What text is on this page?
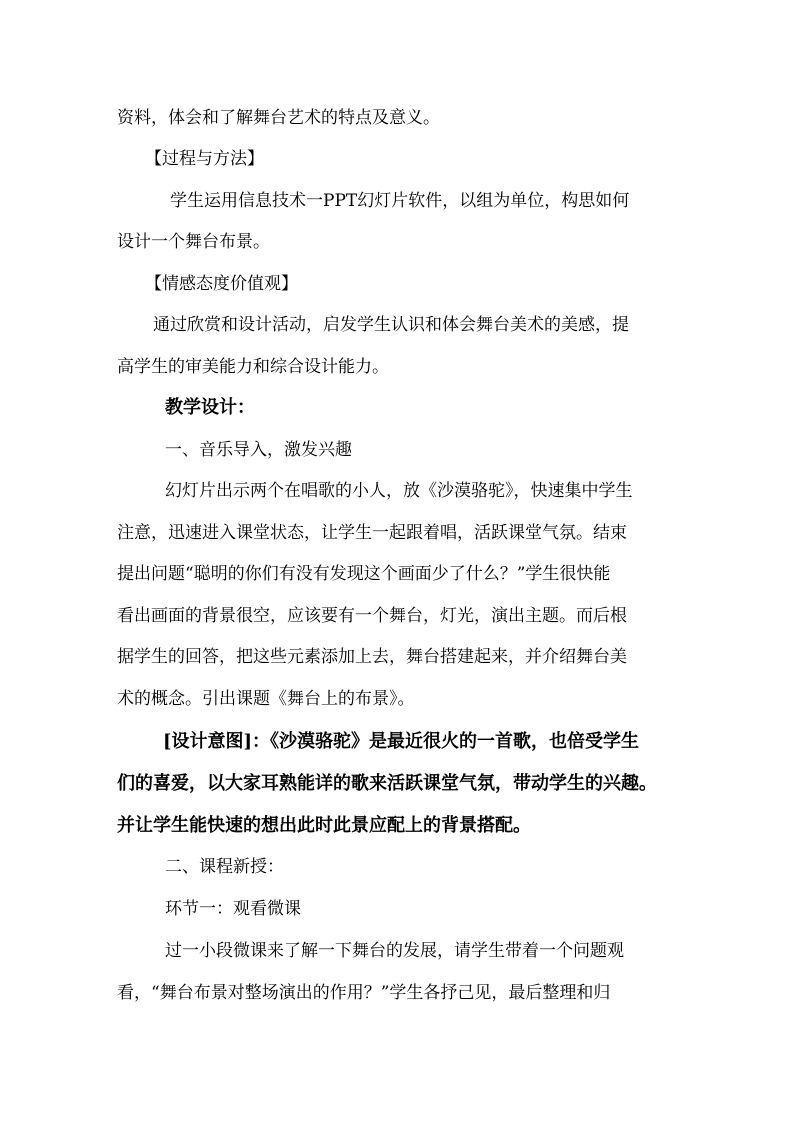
资料，体会和了解舞台艺术的特点及意义。
【过程与方法】
学生运用信息技术一PPT幻灯片软件，以组为单位，构思如何
设计一个舞台布景。
【情感态度价值观】
通过欣赏和设计活动，启发学生认识和体会舞台美术的美感，提
高学生的审美能力和综合设计能力。
教学设计：
一、音乐导入，激发兴趣
幻灯片出示两个在唱歌的小人，放《沙漠骆驼》，快速集中学生
注意，迅速进入课堂状态，让学生一起跟着唱，活跃课堂气氛。结束
提出问题“聪明的你们有没有发现这个画面少了什么？”学生很快能
看出画面的背景很空，应该要有一个舞台，灯光，演出主题。而后根
据学生的回答，把这些元素添加上去，舞台搭建起来，并介绍舞台美
术的概念。引出课题《舞台上的布景》。
[设计意图]：《沙漠骆驼》是最近很火的一首歌，也倍受学生
们的喜爱，以大家耳熟能详的歌来活跃课堂气氛，带动学生的兴趣。
并让学生能快速的想出此时此景应配上的背景搭配。
二、课程新授：
环节一：观看微课
过一小段微课来了解一下舞台的发展，请学生带着一个问题观
看，“舞台布景对整场演出的作用？”学生各抒己见，最后整理和归
